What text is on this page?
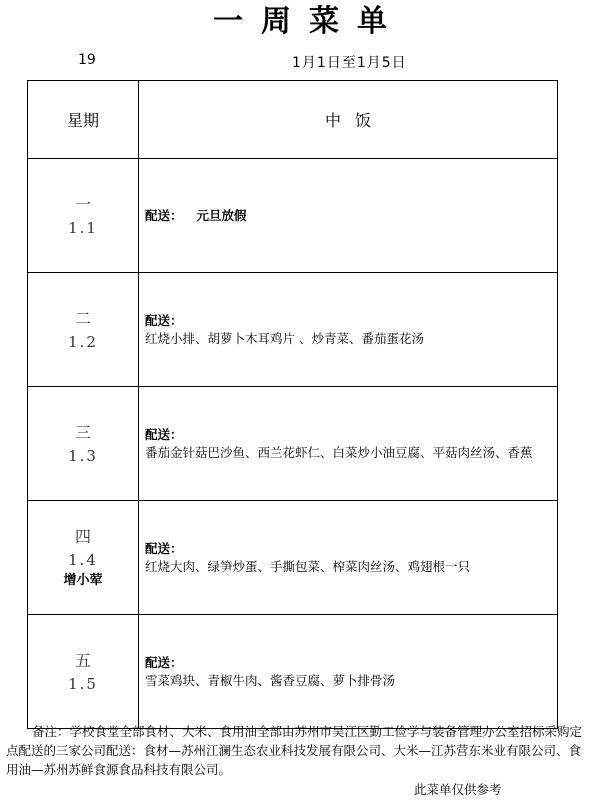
一周菜单
19	1月1日至1月5日
星期	中饭

一
1.1	配送： 元旦放假

二
1.2	配送：
红烧小排、胡萝卜木耳鸡片 、炒青菜、番茄蛋花汤

三
1.3	配送：
番茄金针菇巴沙鱼、西兰花虾仁、白菜炒小油豆腐、平菇肉丝汤、香蕉

四
1.4
增小荤	配送：
红烧大肉、绿笋炒蛋、手撕包菜、榨菜肉丝汤、鸡翅根一只

五
1.5	配送：
雪菜鸡块、青椒牛肉、酱香豆腐、萝卜排骨汤
备注：学校食堂全部食材、大米、食用油全部由苏州市吴江区勤工俭学与装备管理办公室招标采购定点配送的三家公司配送：食材—苏州江澜生态农业科技发展有限公司、大米—江苏营东米业有限公司、食用油—苏州苏鲜食源食品科技有限公司。
此菜单仅供参考
